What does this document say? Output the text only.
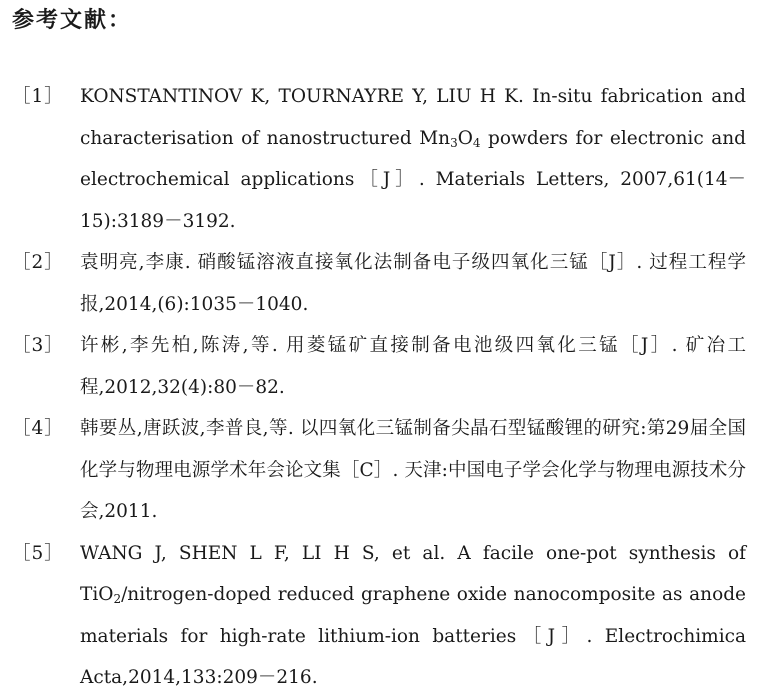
参考文献：
［1］ KONSTANTINOV K, TOURNAYRE Y, LIU H K. In-situ fabrication and characterisation of nanostructured $Mn_3O_4$ powders for electronic and electrochemical applications［J］. Materials Letters, 2007,61(14－15):3189－3192.
［2］ 袁明亮,李康. 硝酸锰溶液直接氧化法制备电子级四氧化三锰［J］. 过程工程学报,2014,(6):1035－1040.
［3］ 许彬,李先柏,陈涛,等. 用菱锰矿直接制备电池级四氧化三锰［J］. 矿冶工程,2012,32(4):80－82.
［4］ 韩要丛,唐跃波,李普良,等. 以四氧化三锰制备尖晶石型锰酸锂的研究:第29届全国化学与物理电源学术年会论文集［C］. 天津:中国电子学会化学与物理电源技术分会,2011.
［5］ WANG J, SHEN L F, LI H S, et al. A facile one-pot synthesis of TiO$_2$/nitrogen-doped reduced graphene oxide nanocomposite as anode materials for high-rate lithium-ion batteries［J］. Electrochimica Acta,2014,133:209－216.
